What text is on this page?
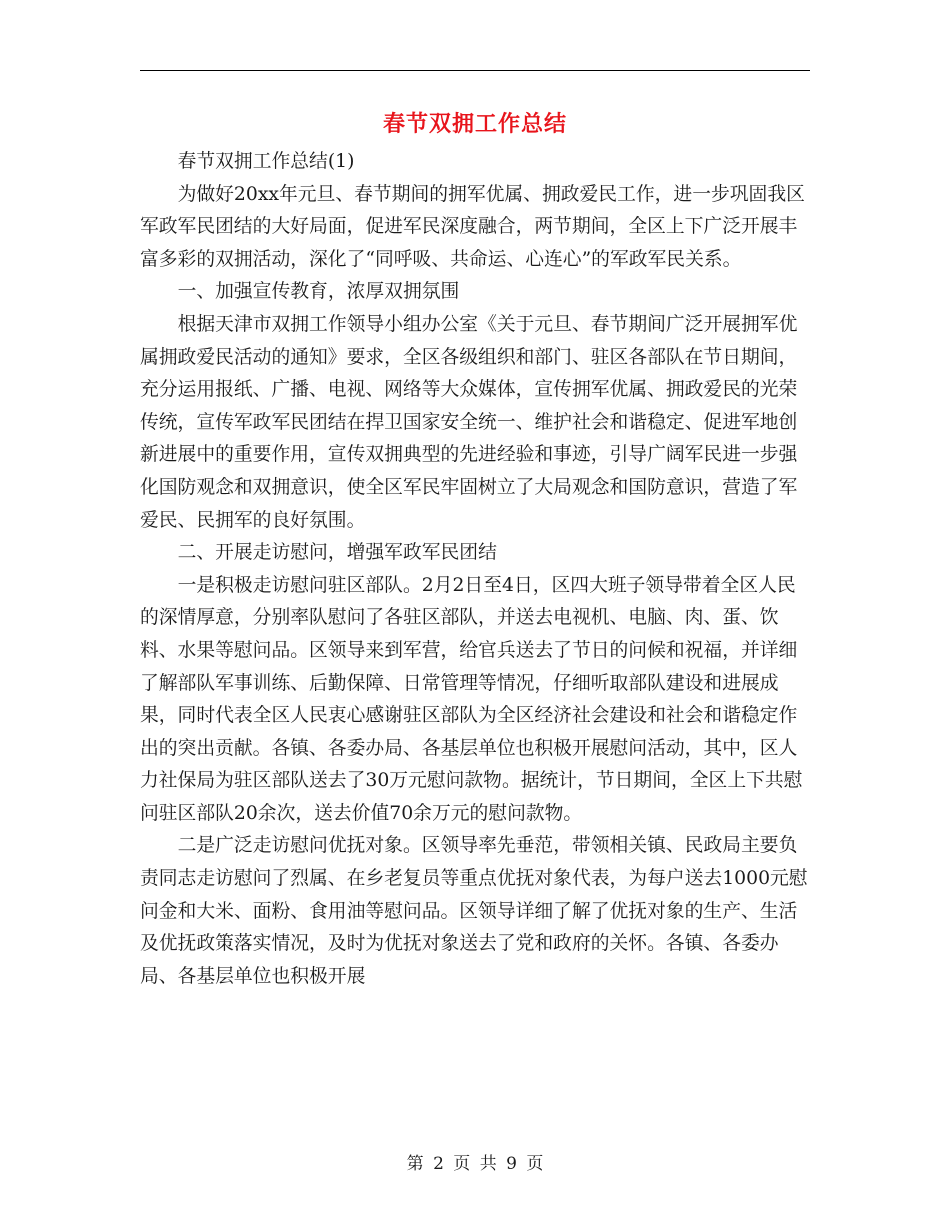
春节双拥工作总结

春节双拥工作总结(1)

为做好20xx年元旦、春节期间的拥军优属、拥政爱民工作，进一步巩固我区军政军民团结的大好局面，促进军民深度融合，两节期间，全区上下广泛开展丰富多彩的双拥活动，深化了“同呼吸、共命运、心连心”的军政军民关系。

一、加强宣传教育，浓厚双拥氛围

根据天津市双拥工作领导小组办公室《关于元旦、春节期间广泛开展拥军优属拥政爱民活动的通知》要求，全区各级组织和部门、驻区各部队在节日期间，充分运用报纸、广播、电视、网络等大众媒体，宣传拥军优属、拥政爱民的光荣传统，宣传军政军民团结在捍卫国家安全统一、维护社会和谐稳定、促进军地创新进展中的重要作用，宣传双拥典型的先进经验和事迹，引导广阔军民进一步强化国防观念和双拥意识，使全区军民牢固树立了大局观念和国防意识，营造了军爱民、民拥军的良好氛围。

二、开展走访慰问，增强军政军民团结

一是积极走访慰问驻区部队。2月2日至4日，区四大班子领导带着全区人民的深情厚意，分别率队慰问了各驻区部队，并送去电视机、电脑、肉、蛋、饮料、水果等慰问品。区领导来到军营，给官兵送去了节日的问候和祝福，并详细了解部队军事训练、后勤保障、日常管理等情况，仔细听取部队建设和进展成果，同时代表全区人民衷心感谢驻区部队为全区经济社会建设和社会和谐稳定作出的突出贡献。各镇、各委办局、各基层单位也积极开展慰问活动，其中，区人力社保局为驻区部队送去了30万元慰问款物。据统计，节日期间，全区上下共慰问驻区部队20余次，送去价值70余万元的慰问款物。

二是广泛走访慰问优抚对象。区领导率先垂范，带领相关镇、民政局主要负责同志走访慰问了烈属、在乡老复员等重点优抚对象代表，为每户送去1000元慰问金和大米、面粉、食用油等慰问品。区领导详细了解了优抚对象的生产、生活及优抚政策落实情况，及时为优抚对象送去了党和政府的关怀。各镇、各委办局、各基层单位也积极开展

第 2 页 共 9 页
